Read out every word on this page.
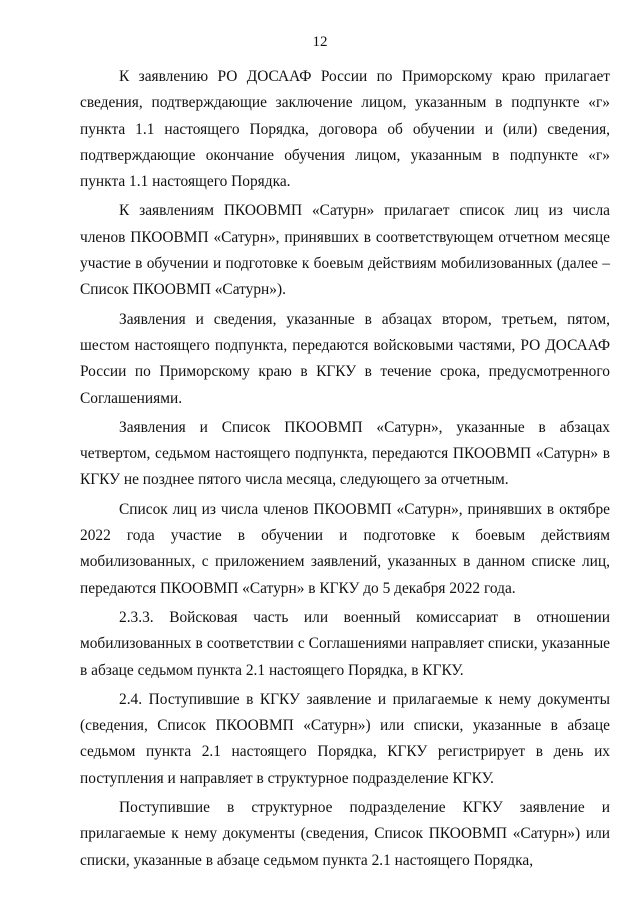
12

К заявлению РО ДОСААФ России по Приморскому краю прилагает сведения, подтверждающие заключение лицом, указанным в подпункте «г» пункта 1.1 настоящего Порядка, договора об обучении и (или) сведения, подтверждающие окончание обучения лицом, указанным в подпункте «г» пункта 1.1 настоящего Порядка.

К заявлениям ПКООВМП «Сатурн» прилагает список лиц из числа членов ПКООВМП «Сатурн», принявших в соответствующем отчетном месяце участие в обучении и подготовке к боевым действиям мобилизованных (далее – Список ПКООВМП «Сатурн»).

Заявления и сведения, указанные в абзацах втором, третьем, пятом, шестом настоящего подпункта, передаются войсковыми частями, РО ДОСААФ России по Приморскому краю в КГКУ в течение срока, предусмотренного Соглашениями.

Заявления и Список ПКООВМП «Сатурн», указанные в абзацах четвертом, седьмом настоящего подпункта, передаются ПКООВМП «Сатурн» в КГКУ не позднее пятого числа месяца, следующего за отчетным.

Список лиц из числа членов ПКООВМП «Сатурн», принявших в октябре 2022 года участие в обучении и подготовке к боевым действиям мобилизованных, с приложением заявлений, указанных в данном списке лиц, передаются ПКООВМП «Сатурн» в КГКУ до 5 декабря 2022 года.

2.3.3. Войсковая часть или военный комиссариат в отношении мобилизованных в соответствии с Соглашениями направляет списки, указанные в абзаце седьмом пункта 2.1 настоящего Порядка, в КГКУ.

2.4. Поступившие в КГКУ заявление и прилагаемые к нему документы (сведения, Список ПКООВМП «Сатурн») или списки, указанные в абзаце седьмом пункта 2.1 настоящего Порядка, КГКУ регистрирует в день их поступления и направляет в структурное подразделение КГКУ.

Поступившие в структурное подразделение КГКУ заявление и прилагаемые к нему документы (сведения, Список ПКООВМП «Сатурн») или списки, указанные в абзаце седьмом пункта 2.1 настоящего Порядка,
